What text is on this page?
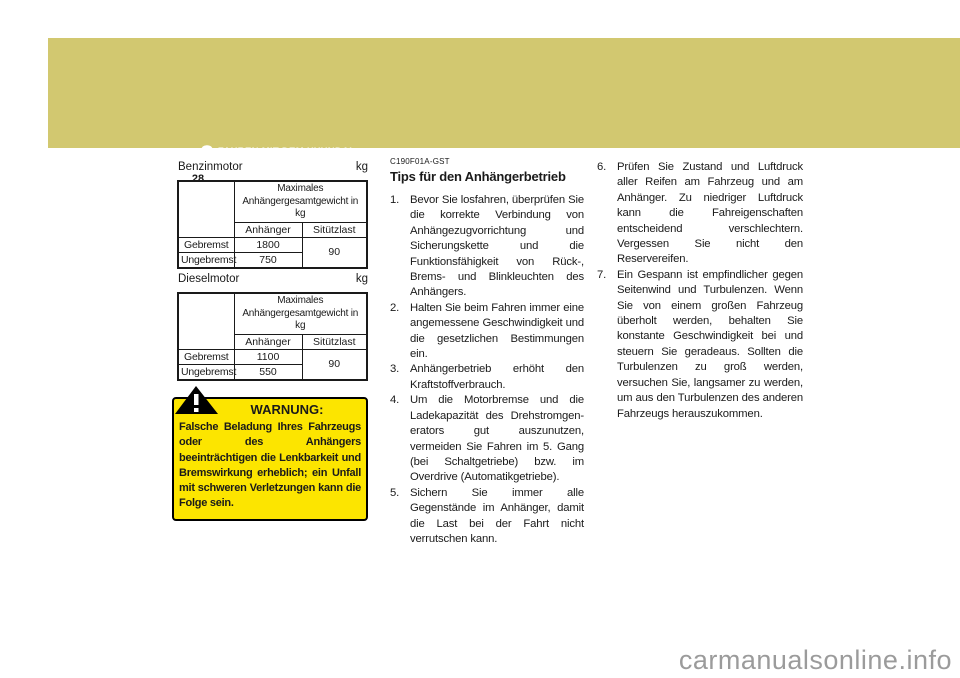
2 FAHREN MIT DEM HYUNDAI
28
Benzinmotor	kg
	Maximales
Anhängergesamtgewicht in kg	
	Anhänger	Sitützlast
Gebremst	1800	90
Ungebremst	750	
Dieselmotor	kg
	Maximales
Anhängergesamtgewicht in kg	
	Anhänger	Sitützlast
Gebremst	1100	90
Ungebremst	550	
WARNUNG:
Falsche Beladung Ihres Fahrzeugs oder des Anhängers beeinträchtigen die Lenkbarkeit und Bremswirkung erheblich; ein Unfall mit schweren Verletzungen kann die Folge sein.
C190F01A-GST
Tips für den Anhängerbetrieb
1. Bevor Sie losfahren, überprüfen Sie die korrekte Verbindung von Anhängezugvorrichtung und Sicherungskette und die Funktionsfähigkeit von Rück-, Brems- und Blinkleuchten des Anhängers.
2. Halten Sie beim Fahren immer eine angemessene Geschwindigkeit und die gesetzlichen Bestimmungen ein.
3. Anhängerbetrieb erhöht den Kraftstoffverbrauch.
4. Um die Motorbremse und die Ladekapazität des Drehstromgen-erators gut auszunutzen, vermeiden Sie Fahren im 5. Gang (bei Schaltgetriebe) bzw. im Overdrive (Automatikgetriebe).
5. Sichern Sie immer alle Gegenstände im Anhänger, damit die Last bei der Fahrt nicht verrutschen kann.
6. Prüfen Sie Zustand und Luftdruck aller Reifen am Fahrzeug und am Anhänger. Zu niedriger Luftdruck kann die Fahreigenschaften entscheidend verschlechtern. Vergessen Sie nicht den Reservereifen.
7. Ein Gespann ist empfindlicher gegen Seitenwind und Turbulenzen. Wenn Sie von einem großen Fahrzeug überholt werden, behalten Sie konstante Geschwindigkeit bei und steuern Sie geradeaus. Sollten die Turbulenzen zu groß werden, versuchen Sie, langsamer zu werden, um aus den Turbulenzen des anderen Fahrzeugs herauszukommen.
carmanualsonline.info
